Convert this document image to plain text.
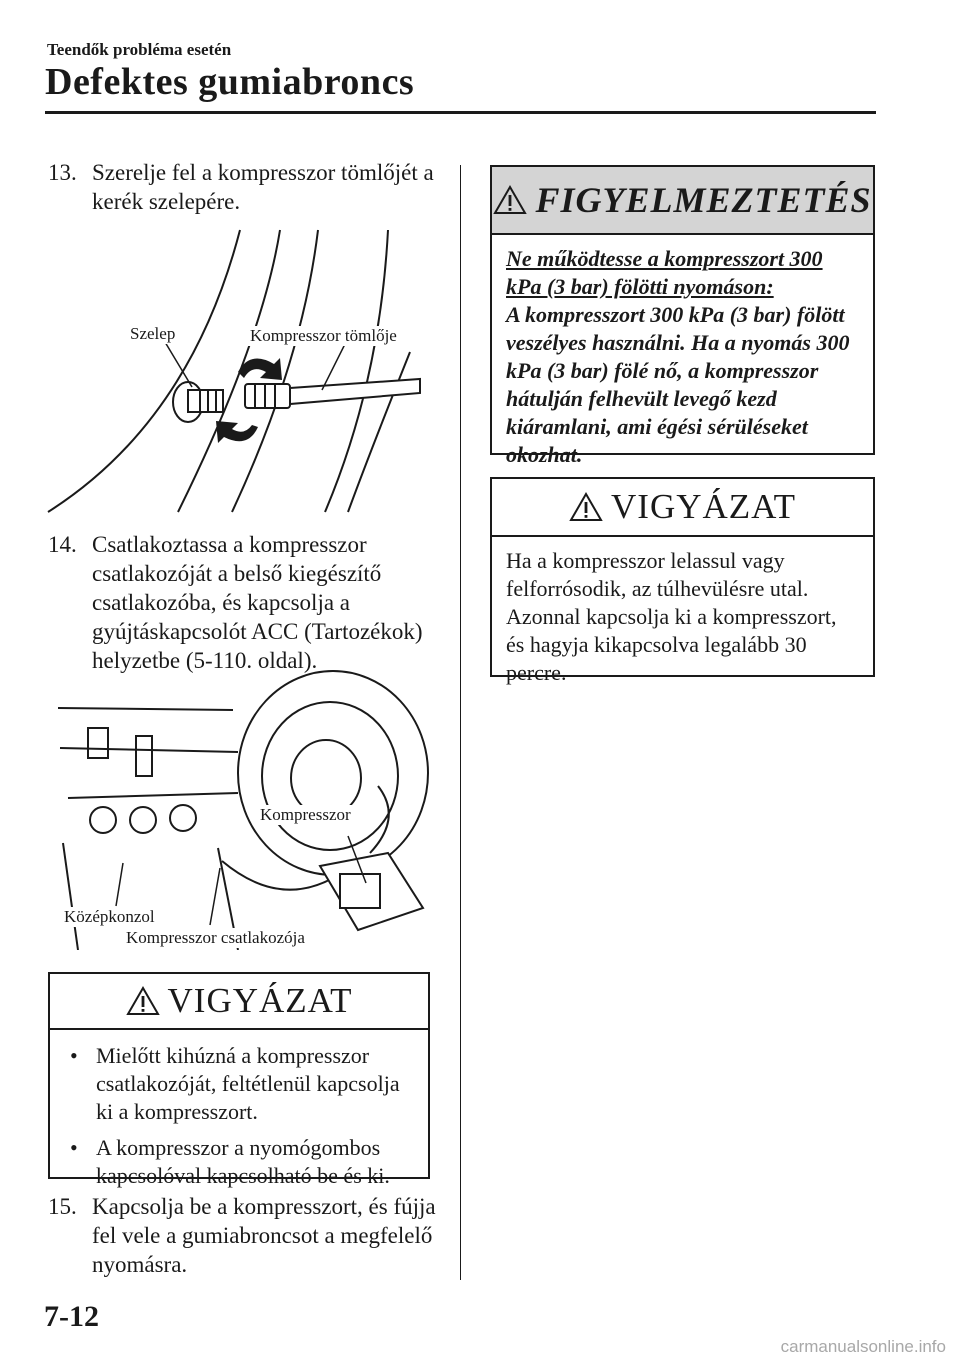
Teendők probléma esetén
Defektes gumiabroncs
13. Szerelje fel a kompresszor tömlőjét a kerék szelepére.
Szelep	Kompresszor tömlője
14. Csatlakoztassa a kompresszor csatlakozóját a belső kiegészítő csatlakozóba, és kapcsolja a gyújtáskapcsolót ACC (Tartozékok) helyzetbe (5-110. oldal).
Kompresszor
Középkonzol
Kompresszor csatlakozója
VIGYÁZAT
• Mielőtt kihúzná a kompresszor csatlakozóját, feltétlenül kapcsolja ki a kompresszort.
• A kompresszor a nyomógombos kapcsolóval kapcsolható be és ki.
15. Kapcsolja be a kompresszort, és fújja fel vele a gumiabroncsot a megfelelő nyomásra.
FIGYELMEZTETÉS
Ne működtesse a kompresszort 300 kPa (3 bar) fölötti nyomáson:
A kompresszort 300 kPa (3 bar) fölött veszélyes használni. Ha a nyomás 300 kPa (3 bar) fölé nő, a kompresszor hátulján felhevült levegő kezd kiáramlani, ami égési sérüléseket okozhat.
VIGYÁZAT
Ha a kompresszor lelassul vagy felforrósodik, az túlhevülésre utal. Azonnal kapcsolja ki a kompresszort, és hagyja kikapcsolva legalább 30 percre.
7-12
carmanualsonline.info
